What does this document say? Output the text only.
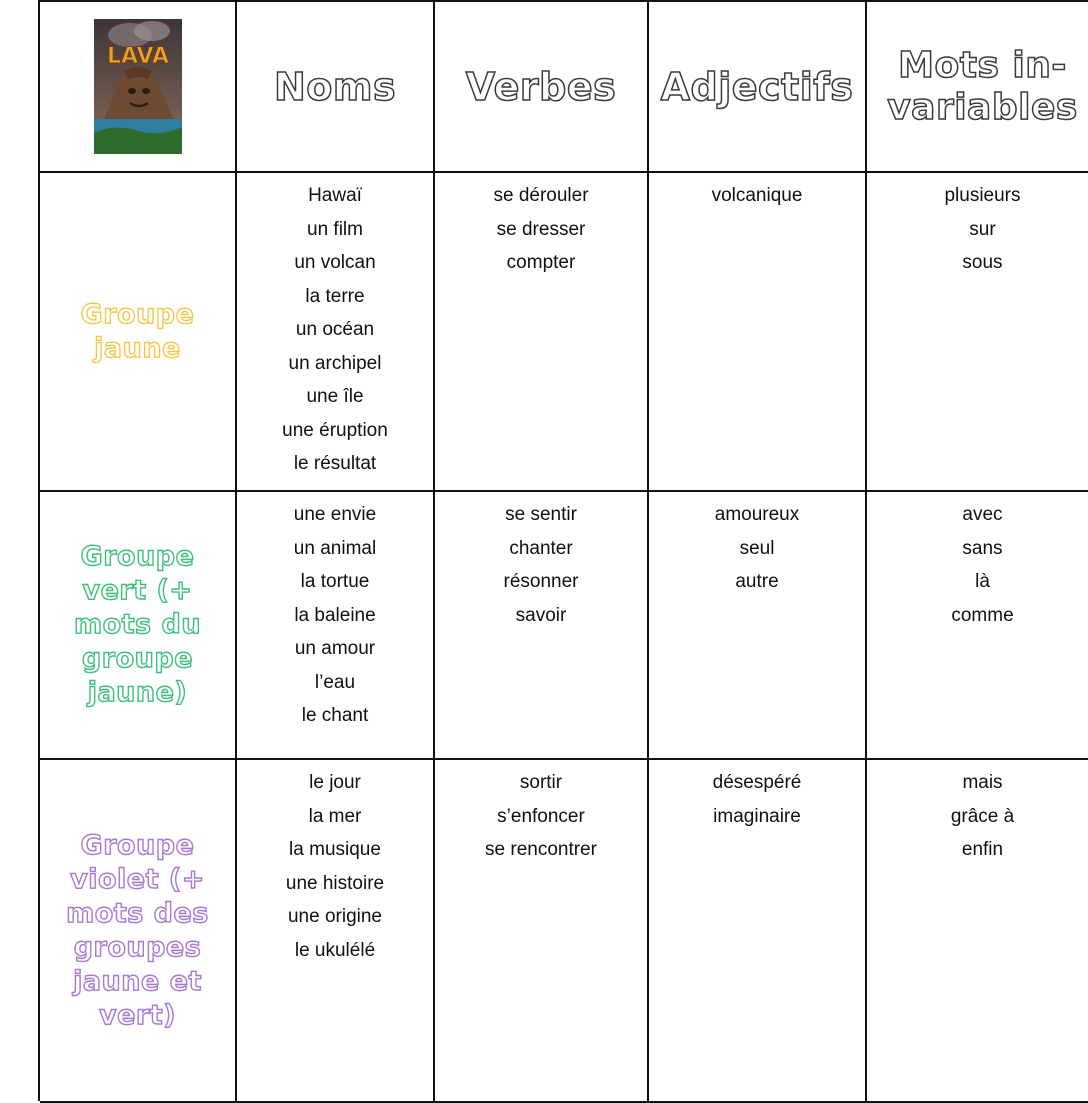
LAVA
Noms Verbes Adjectifs	Mots in-
variables
Groupe
jaune
Hawaï
un film
un volcan
la terre
un océan
un archipel
une île
une éruption
le résultat
se dérouler
se dresser
compter
volcanique	plusieurs
sur
sous
Groupe
vert (+
mots du
groupe
jaune)
une envie
un animal
la tortue
la baleine
un amour
l’eau
le chant
se sentir
chanter
résonner
savoir
amoureux
seul
autre
avec
sans
là
comme
Groupe
violet (+
mots des
groupes
jaune et
vert)
le jour
la mer
la musique
une histoire
une origine
le ukulélé
sortir
s’enfoncer
se rencontrer
désespéré
imaginaire
mais
grâce à
enfin
